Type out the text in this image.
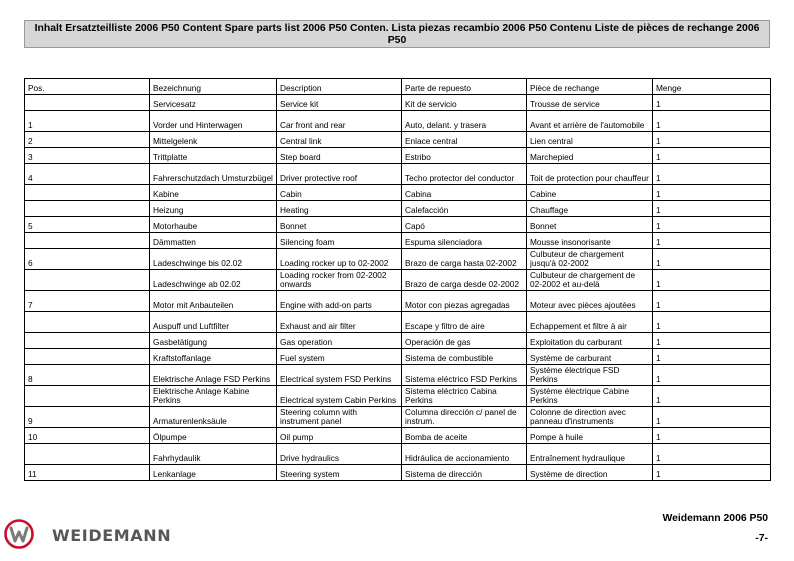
Inhalt Ersatzteilliste 2006 P50 Content Spare parts list 2006 P50 Conten. Lista piezas recambio 2006 P50 Contenu Liste de pièces de rechange 2006 P50
Pos.	Bezeichnung	Description	Parte de repuesto	Pièce de rechange	Menge
	Servicesatz	Service kit	Kit de servicio	Trousse de service	1
1	Vorder und Hinterwagen	Car front and rear	Auto, delant. y trasera	Avant et arrière de l'automobile	1
2	Mittelgelenk	Central link	Enlace central	Lien central	1
3	Trittplatte	Step board	Estribo	Marchepied	1
4	Fahrerschutzdach Umsturzbügel	Driver protective roof	Techo protector del conductor	Toit de protection pour chauffeur	1
	Kabine	Cabin	Cabina	Cabine	1
	Heizung	Heating	Calefacción	Chauffage	1
5	Motorhaube	Bonnet	Capó	Bonnet	1
	Dämmatten	Silencing foam	Espuma silenciadora	Mousse insonorisante	1
6	Ladeschwinge bis 02.02	Loading rocker up to 02-2002	Brazo de carga hasta 02-2002	Culbuteur de chargement jusqu'à 02-2002	1
	Ladeschwinge ab 02.02	Loading rocker from 02-2002 onwards	Brazo de carga desde 02-2002	Culbuteur de chargement de 02-2002 et au-delà	1
7	Motor mit Anbauteilen	Engine with add-on parts	Motor con piezas agregadas	Moteur avec pièces ajoutées	1
	Auspuff und Luftfilter	Exhaust and air filter	Escape y filtro de aire	Echappement et filtre à air	1
	Gasbetätigung	Gas operation	Operación de gas	Exploitation du carburant	1
	Kraftstoffanlage	Fuel system	Sistema de combustible	Système de carburant	1
8	Elektrische Anlage FSD Perkins	Electrical system FSD Perkins	Sistema eléctrico FSD Perkins	Système électrique FSD Perkins	1
	Elektrische Anlage Kabine Perkins	Electrical system Cabin Perkins	Sistema eléctrico Cabina Perkins	Système électrique Cabine Perkins	1
9	Armaturenlenksäule	Steering column with instrument panel	Columna dirección c/ panel de instrum.	Colonne de direction avec panneau d'instruments	1
10	Ölpumpe	Oil pump	Bomba de aceite	Pompe à huile	1
	Fahrhydaulik	Drive hydraulics	Hidráulica de accionamiento	Entraînement hydraulique	1
11	Lenkanlage	Steering system	Sistema de dirección	Système de direction	1
Weidemann 2006 P50
-7-
WEIDEMANN
